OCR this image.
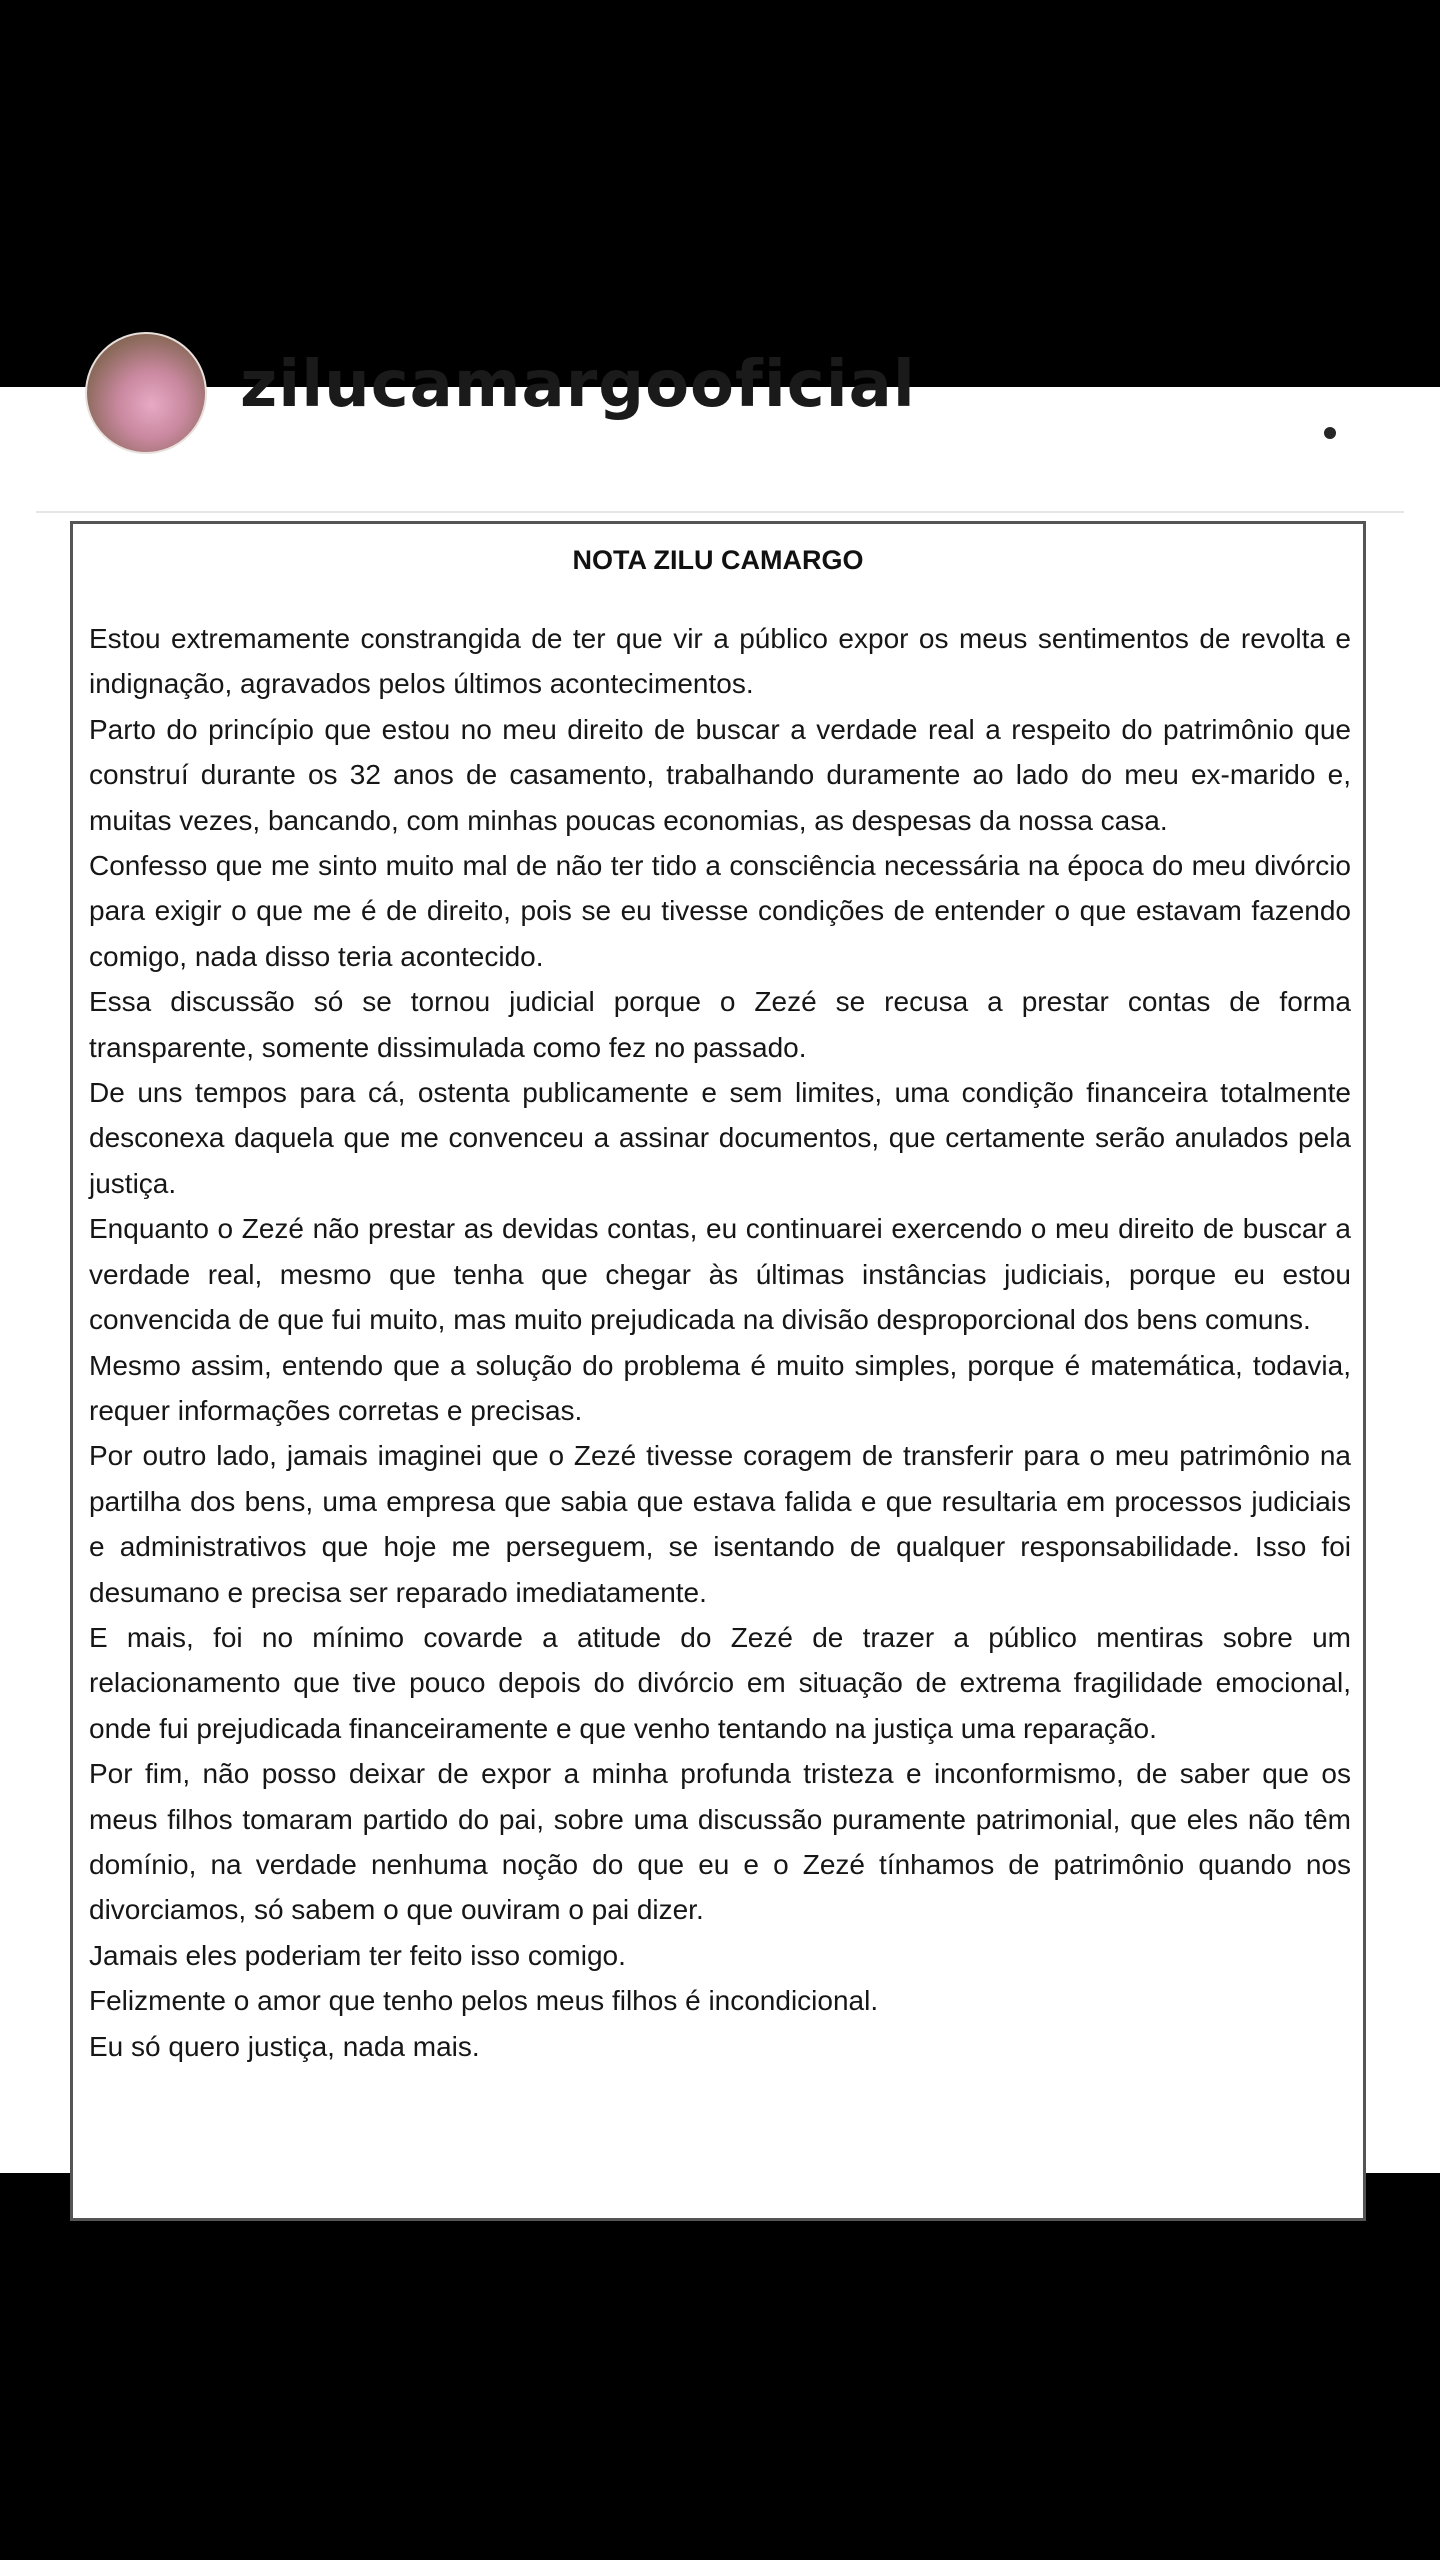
zilucamargooficial
NOTA ZILU CAMARGO

Estou extremamente constrangida de ter que vir a público expor os meus sentimentos de revolta e indignação, agravados pelos últimos acontecimentos.

Parto do princípio que estou no meu direito de buscar a verdade real a respeito do patrimônio que construí durante os 32 anos de casamento, trabalhando duramente ao lado do meu ex-marido e, muitas vezes, bancando, com minhas poucas economias, as despesas da nossa casa.

Confesso que me sinto muito mal de não ter tido a consciência necessária na época do meu divórcio para exigir o que me é de direito, pois se eu tivesse condições de entender o que estavam fazendo comigo, nada disso teria acontecido.

Essa discussão só se tornou judicial porque o Zezé se recusa a prestar contas de forma transparente, somente dissimulada como fez no passado.

De uns tempos para cá, ostenta publicamente e sem limites, uma condição financeira totalmente desconexa daquela que me convenceu a assinar documentos, que certamente serão anulados pela justiça.

Enquanto o Zezé não prestar as devidas contas, eu continuarei exercendo o meu direito de buscar a verdade real, mesmo que tenha que chegar às últimas instâncias judiciais, porque eu estou convencida de que fui muito, mas muito prejudicada na divisão desproporcional dos bens comuns.

Mesmo assim, entendo que a solução do problema é muito simples, porque é matemática, todavia, requer informações corretas e precisas.

Por outro lado, jamais imaginei que o Zezé tivesse coragem de transferir para o meu patrimônio na partilha dos bens, uma empresa que sabia que estava falida e que resultaria em processos judiciais e administrativos que hoje me perseguem, se isentando de qualquer responsabilidade. Isso foi desumano e precisa ser reparado imediatamente.

E mais, foi no mínimo covarde a atitude do Zezé de trazer a público mentiras sobre um relacionamento que tive pouco depois do divórcio em situação de extrema fragilidade emocional, onde fui prejudicada financeiramente e que venho tentando na justiça uma reparação.

Por fim, não posso deixar de expor a minha profunda tristeza e inconformismo, de saber que os meus filhos tomaram partido do pai, sobre uma discussão puramente patrimonial, que eles não têm domínio, na verdade nenhuma noção do que eu e o Zezé tínhamos de patrimônio quando nos divorciamos, só sabem o que ouviram o pai dizer.

Jamais eles poderiam ter feito isso comigo.

Felizmente o amor que tenho pelos meus filhos é incondicional.

Eu só quero justiça, nada mais.
